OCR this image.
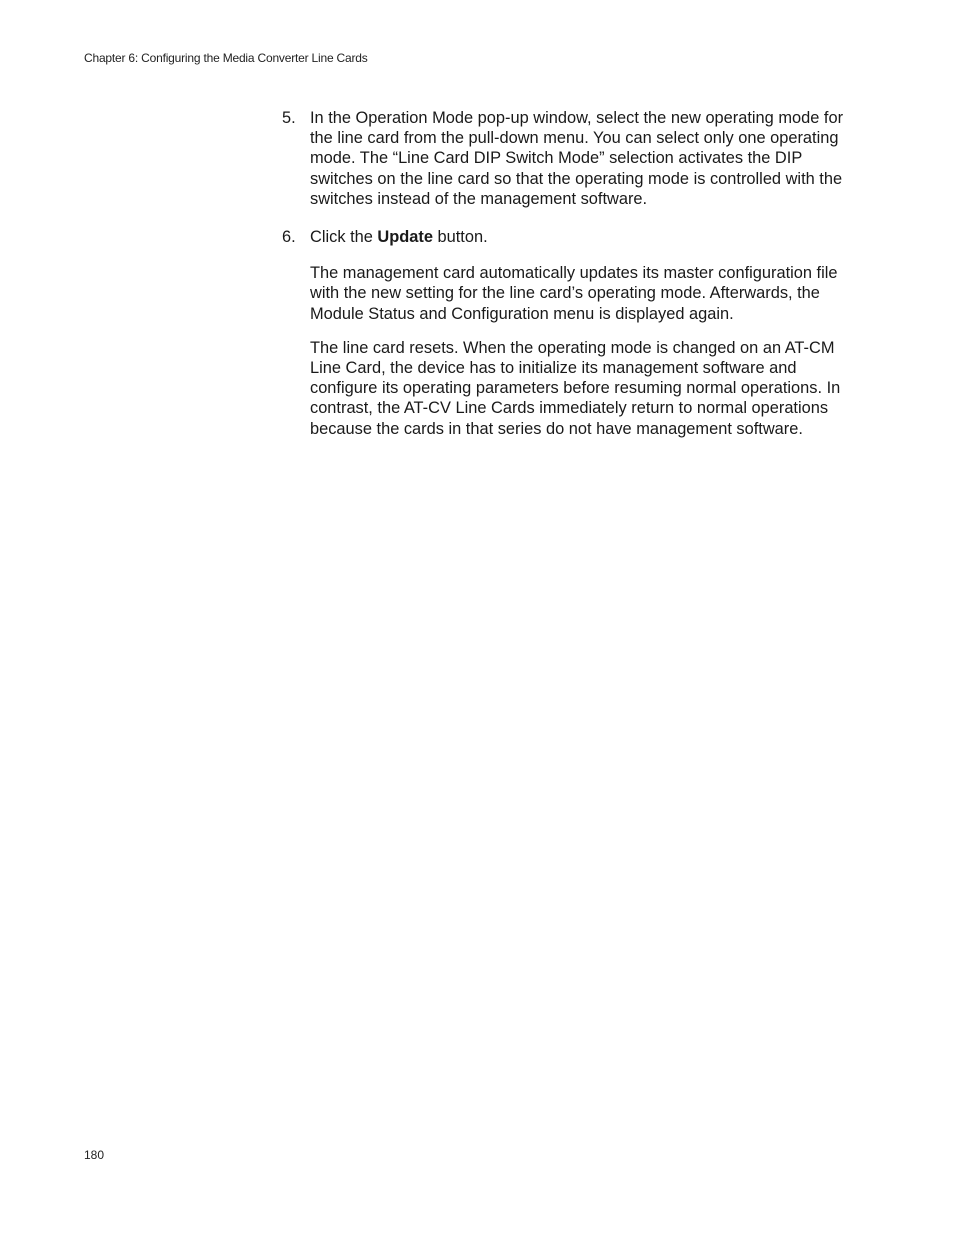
Chapter 6: Configuring the Media Converter Line Cards
5. In the Operation Mode pop-up window, select the new operating mode for the line card from the pull-down menu. You can select only one operating mode. The “Line Card DIP Switch Mode” selection activates the DIP switches on the line card so that the operating mode is controlled with the switches instead of the management software.
6. Click the Update button.
The management card automatically updates its master configuration file with the new setting for the line card’s operating mode. Afterwards, the Module Status and Configuration menu is displayed again.
The line card resets. When the operating mode is changed on an AT-CM Line Card, the device has to initialize its management software and configure its operating parameters before resuming normal operations. In contrast, the AT-CV Line Cards immediately return to normal operations because the cards in that series do not have management software.
180
